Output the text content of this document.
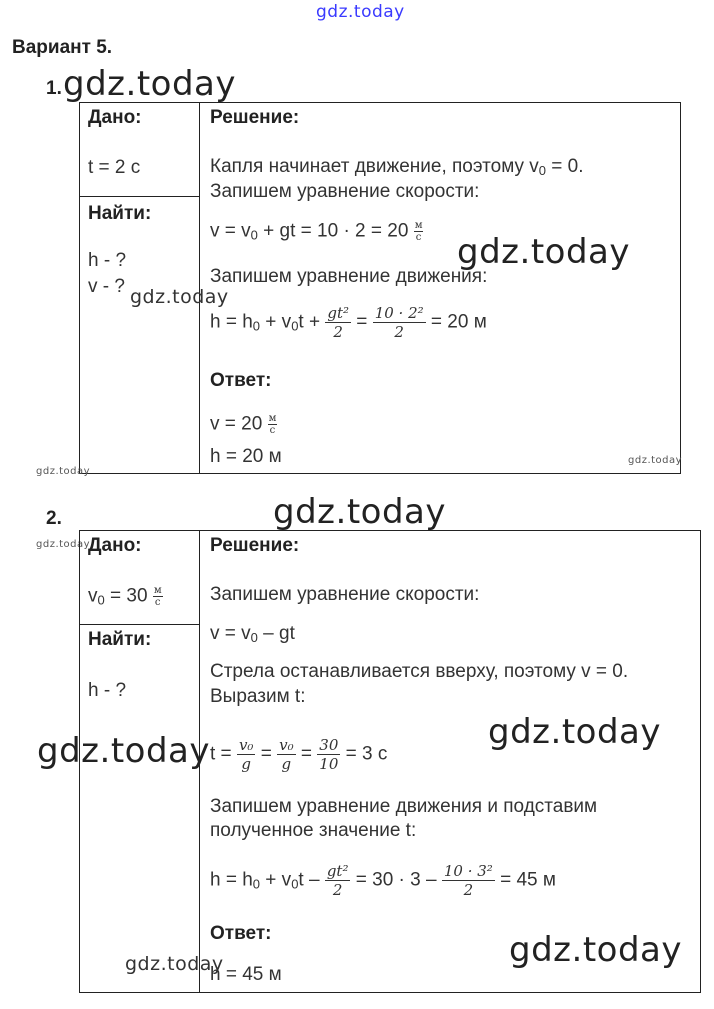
gdz.today
Вариант 5.
1. gdz.today
Дано:
t = 2 с
Найти:
h - ?
v - ? gdz.today
Решение:
Капля начинает движение, поэтому $v_0 = 0$.
Запишем уравнение скорости:
$v = v_0$ + gt = 10 · 2 = 20 м
с gdz.today
Запишем уравнение движения:
$h = h_0 + v_0t + \frac{\text{gt²}}{2} = \frac{\text{10 · 2²}}{2} = 20$ м
Ответ:
v = 20 м
с
h = 20 м	gdz.today
gdz.today
2.	gdz.today
gdz.today
Дано:
$v_0 = 30$ м
с
Найти:
h - ?
gdz.today
Решение:
Запишем уравнение скорости:
$v = v_0$ – gt
Стрела останавливается вверху, поэтому v = 0.
Выразим t:
gdz.today
$t = \frac{\text{v₀}}{g} = \frac{\text{v₀}}{g} = \frac{30}{10} = 3$ с
Запишем уравнение движения и подставим
полученное значение t:
$h = h_0 + v_0t - \frac{\text{gt²}}{2} = 30 \cdot 3 - \frac{\text{10 · 3²}}{2} = 45$ м
Ответ:	gdz.today
gdz.today
h = 45 м
